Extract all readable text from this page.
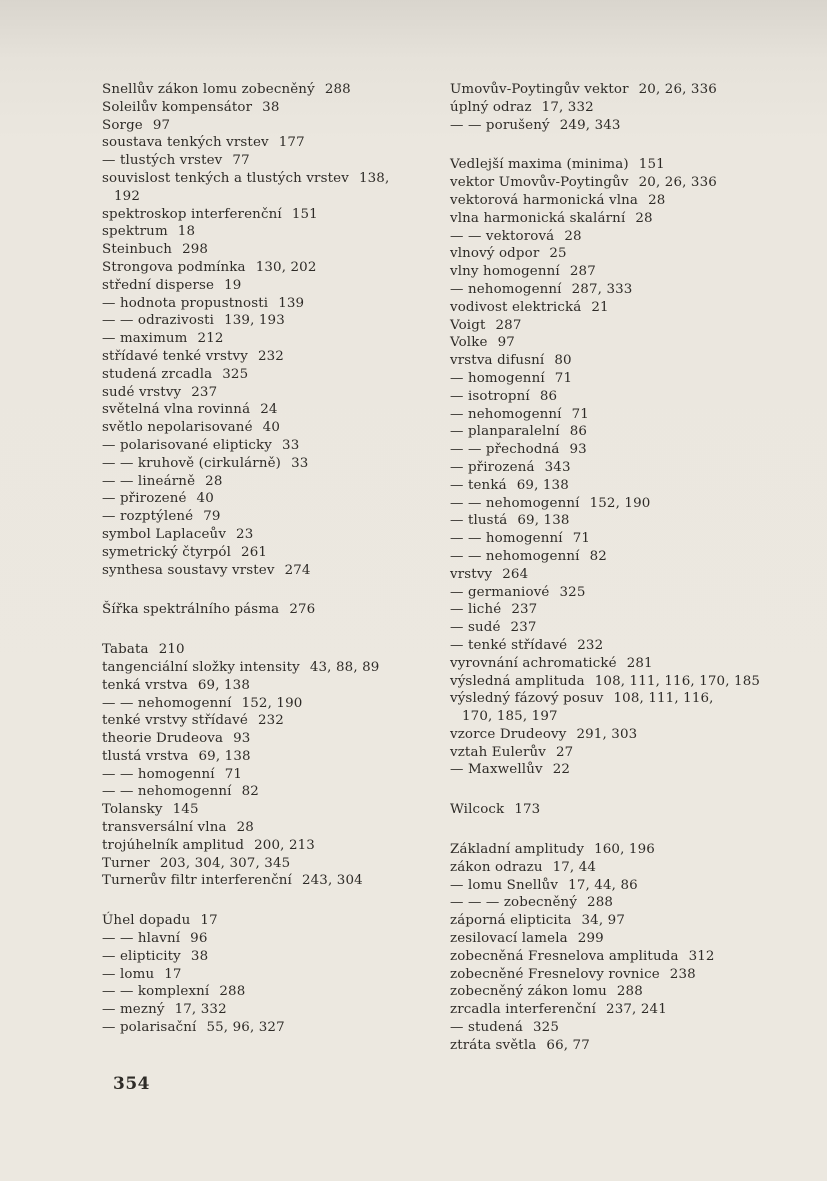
Snellův zákon lomu zobecněný 288
Soleilův kompensátor 38
Sorge 97
soustava tenkých vrstev 177
— tlustých vrstev 77
souvislost tenkých a tlustých vrstev 138,
192
spektroskop interferenční 151
spektrum 18
Steinbuch 298
Strongova podmínka 130, 202
střední disperse 19
— hodnota propustnosti 139
— — odrazivosti 139, 193
— maximum 212
střídavé tenké vrstvy 232
studená zrcadla 325
sudé vrstvy 237
světelná vlna rovinná 24
světlo nepolarisované 40
— polarisované elipticky 33
— — kruhově (cirkulárně) 33
— — lineárně 28
— přirozené 40
— rozptýlené 79
symbol Laplaceův 23
symetrický čtyrpól 261
synthesa soustavy vrstev 274
Šířka spektrálního pásma 276
Tabata 210
tangenciální složky intensity 43, 88, 89
tenká vrstva 69, 138
— — nehomogenní 152, 190
tenké vrstvy střídavé 232
theorie Drudeova 93
tlustá vrstva 69, 138
— — homogenní 71
— — nehomogenní 82
Tolansky 145
transversální vlna 28
trojúhelník amplitud 200, 213
Turner 203, 304, 307, 345
Turnerův filtr interferenční 243, 304
Úhel dopadu 17
— — hlavní 96
— elipticity 38
— lomu 17
— — komplexní 288
— mezný 17, 332
— polarisační 55, 96, 327
Umovův-Poytingův vektor 20, 26, 336
úplný odraz 17, 332
— — porušený 249, 343
Vedlejší maxima (minima) 151
vektor Umovův-Poytingův 20, 26, 336
vektorová harmonická vlna 28
vlna harmonická skalární 28
— — vektorová 28
vlnový odpor 25
vlny homogenní 287
— nehomogenní 287, 333
vodivost elektrická 21
Voigt 287
Volke 97
vrstva difusní 80
— homogenní 71
— isotropní 86
— nehomogenní 71
— planparalelní 86
— — přechodná 93
— přirozená 343
— tenká 69, 138
— — nehomogenní 152, 190
— tlustá 69, 138
— — homogenní 71
— — nehomogenní 82
vrstvy 264
— germaniové 325
— liché 237
— sudé 237
— tenké střídavé 232
vyrovnání achromatické 281
výsledná amplituda 108, 111, 116, 170, 185
výsledný fázový posuv 108, 111, 116,
170, 185, 197
vzorce Drudeovy 291, 303
vztah Eulerův 27
— Maxwellův 22
Wilcock 173
Základní amplitudy 160, 196
zákon odrazu 17, 44
— lomu Snellův 17, 44, 86
— — — zobecněný 288
záporná elipticita 34, 97
zesilovací lamela 299
zobecněná Fresnelova amplituda 312
zobecněné Fresnelovy rovnice 238
zobecněný zákon lomu 288
zrcadla interferenční 237, 241
— studená 325
ztráta světla 66, 77
354
